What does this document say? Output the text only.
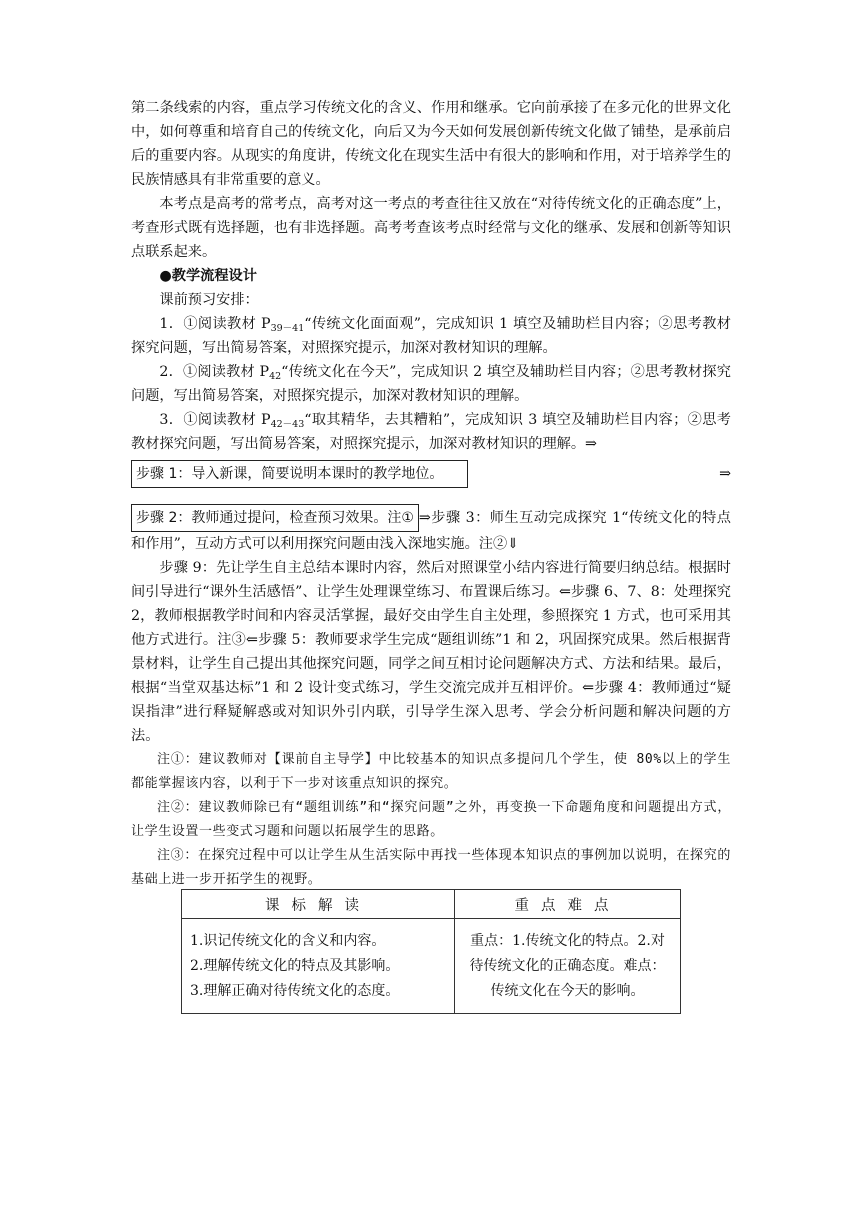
第二条线索的内容，重点学习传统文化的含义、作用和继承。它向前承接了在多元化的世界文化中，如何尊重和培育自己的传统文化，向后又为今天如何发展创新传统文化做了铺垫，是承前启后的重要内容。从现实的角度讲，传统文化在现实生活中有很大的影响和作用，对于培养学生的民族情感具有非常重要的意义。

本考点是高考的常考点，高考对这一考点的考查往往又放在“对待传统文化的正确态度”上，考查形式既有选择题，也有非选择题。高考考查该考点时经常与文化的继承、发展和创新等知识点联系起来。

●教学流程设计

课前预习安排：

1．①阅读教材 $P_{39-41}“$传统文化面面观”，完成知识 1 填空及辅助栏目内容；②思考教材探究问题，写出简易答案，对照探究提示，加深对教材知识的理解。

2．①阅读教材 $P_{42}“$传统文化在今天”，完成知识 2 填空及辅助栏目内容；②思考教材探究问题，写出简易答案，对照探究提示，加深对教材知识的理解。

3．①阅读教材 $P_{42-43}“$取其精华，去其糟粕”，完成知识 3 填空及辅助栏目内容；②思考教材探究问题，写出简易答案，对照探究提示，加深对教材知识的理解。⇒

步骤 1：导入新课，简要说明本课时的教学地位。	⇒

步骤 2：教师通过提问，检查预习效果。注① ⇒步骤 3：师生互动完成探究 1“传统文化的特点和作用”，互动方式可以利用探究问题由浅入深地实施。注②⇓

步骤 9：先让学生自主总结本课时内容，然后对照课堂小结内容进行简要归纳总结。根据时间引导进行“课外生活感悟”、让学生处理课堂练习、布置课后练习。⇐步骤 6、7、8：处理探究 2，教师根据教学时间和内容灵活掌握，最好交由学生自主处理，参照探究 1 方式，也可采用其他方式进行。注③⇐步骤 5：教师要求学生完成“题组训练”1 和 2，巩固探究成果。然后根据背景材料，让学生自己提出其他探究问题，同学之间互相讨论问题解决方式、方法和结果。最后，根据“当堂双基达标”1 和 2 设计变式练习，学生交流完成并互相评价。⇐步骤 4：教师通过“疑误指津”进行释疑解惑或对知识外引内联，引导学生深入思考、学会分析问题和解决问题的方法。

注①：建议教师对【课前自主导学】中比较基本的知识点多提问几个学生，使 80%以上的学生都能掌握该内容，以利于下一步对该重点知识的探究。

注②：建议教师除已有“题组训练”和“探究问题”之外，再变换一下命题角度和问题提出方式，让学生设置一些变式习题和问题以拓展学生的思路。

注③：在探究过程中可以让学生从生活实际中再找一些体现本知识点的事例加以说明，在探究的基础上进一步开拓学生的视野。

课标解读	重点难点

1.识记传统文化的含义和内容。
2.理解传统文化的特点及其影响。
3.理解正确对待传统文化的态度。	重点：1.传统文化的特点。2.对待传统文化的正确态度。难点：传统文化在今天的影响。
